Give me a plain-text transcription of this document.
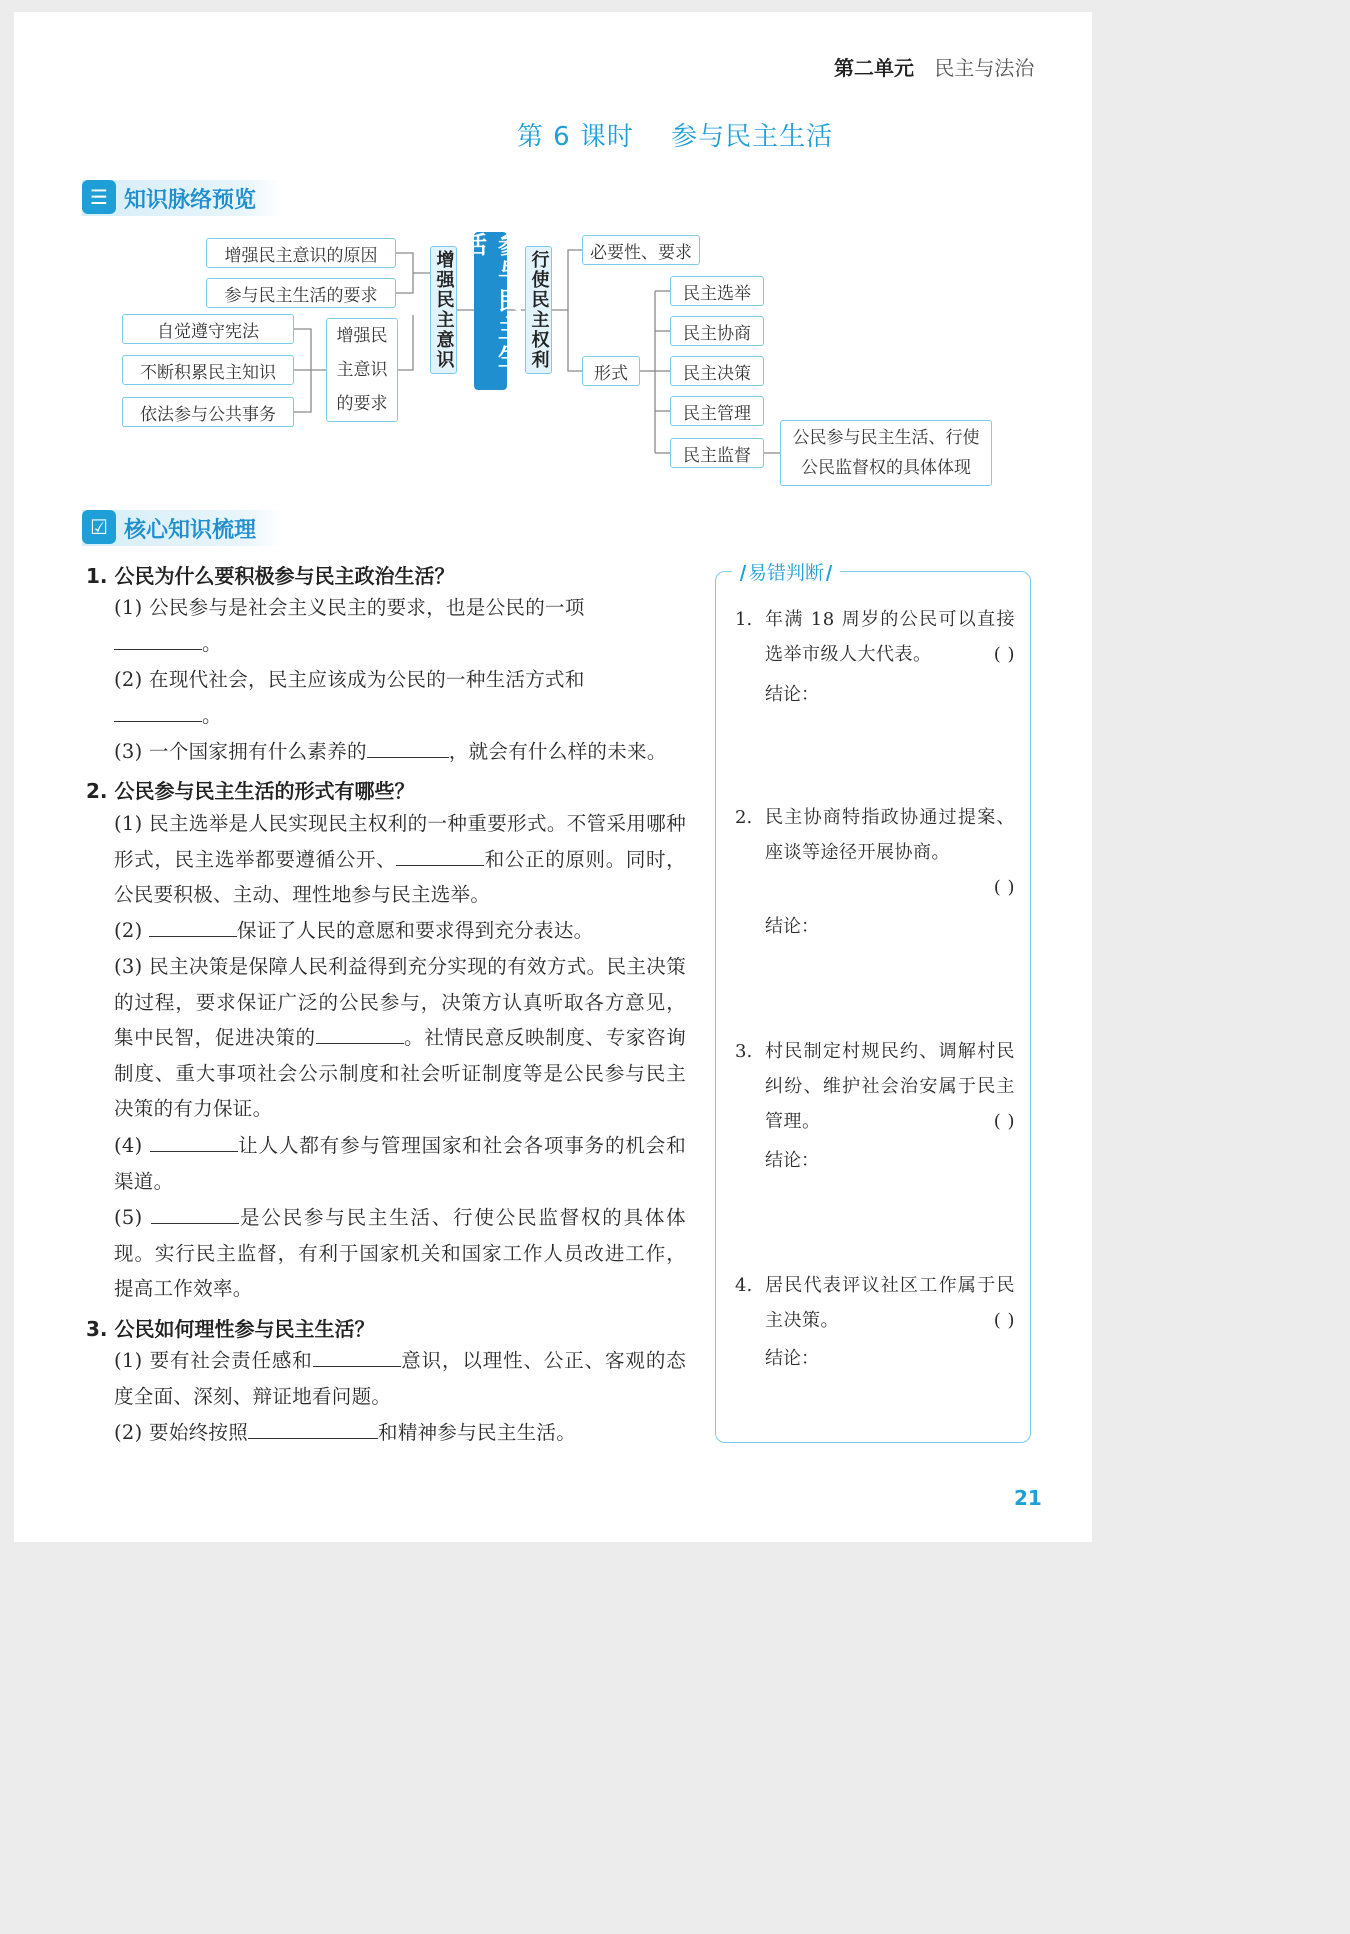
第二单元 民主与法治
第 6 课时 参与民主生活
☰ 知识脉络预览
增强民主意识的原因
参与民主生活的要求
自觉遵守宪法
不断积累民主知识
依法参与公共事务
增强民
主意识
的要求
增强民主意识	参与民主生活
行使民主权利	必要性、要求
形式
民主选举
民主协商
民主决策
民主管理
民主监督
公民参与民主生活、行使
公民监督权的具体体现
☑ 核心知识梳理
1. 公民为什么要积极参与民主政治生活？
(1) 公民参与是社会主义民主的要求，也是公民的一项
。
(2) 在现代社会，民主应该成为公民的一种生活方式和
。
(3) 一个国家拥有什么素养的	，就会有什么样的未来。
2. 公民参与民主生活的形式有哪些？
(1) 民主选举是人民实现民主权利的一种重要形式。不管采用哪种形式，民主选举都要遵循公开、	和公正的原则。同时，公民要积极、主动、理性地参与民主选举。
(2)	保证了人民的意愿和要求得到充分表达。
(3) 民主决策是保障人民利益得到充分实现的有效方式。民主决策的过程，要求保证广泛的公民参与，决策方认真听取各方意见，集中民智，促进决策的	。社情民意反映制度、专家咨询制度、重大事项社会公示制度和社会听证制度等是公民参与民主决策的有力保证。
(4)	让人人都有参与管理国家和社会各项事务的机会和渠道。
(5)	是公民参与民主生活、行使公民监督权的具体体现。实行民主监督，有利于国家机关和国家工作人员改进工作，提高工作效率。
3. 公民如何理性参与民主生活？
(1) 要有社会责任感和	意识，以理性、公正、客观的态度全面、深刻、辩证地看问题。
(2) 要始终按照	和精神参与民主生活。
易错判断
1. 年满 18 周岁的公民可以直接选举市级人大代表。	( )
结论：
2. 民主协商特指政协通过提案、座谈等途径开展协商。

( )
结论：
3. 村民制定村规民约、调解村民纠纷、维护社会治安属于民主管理。	( )
结论：
4. 居民代表评议社区工作属于民主决策。	( )
结论：
21
